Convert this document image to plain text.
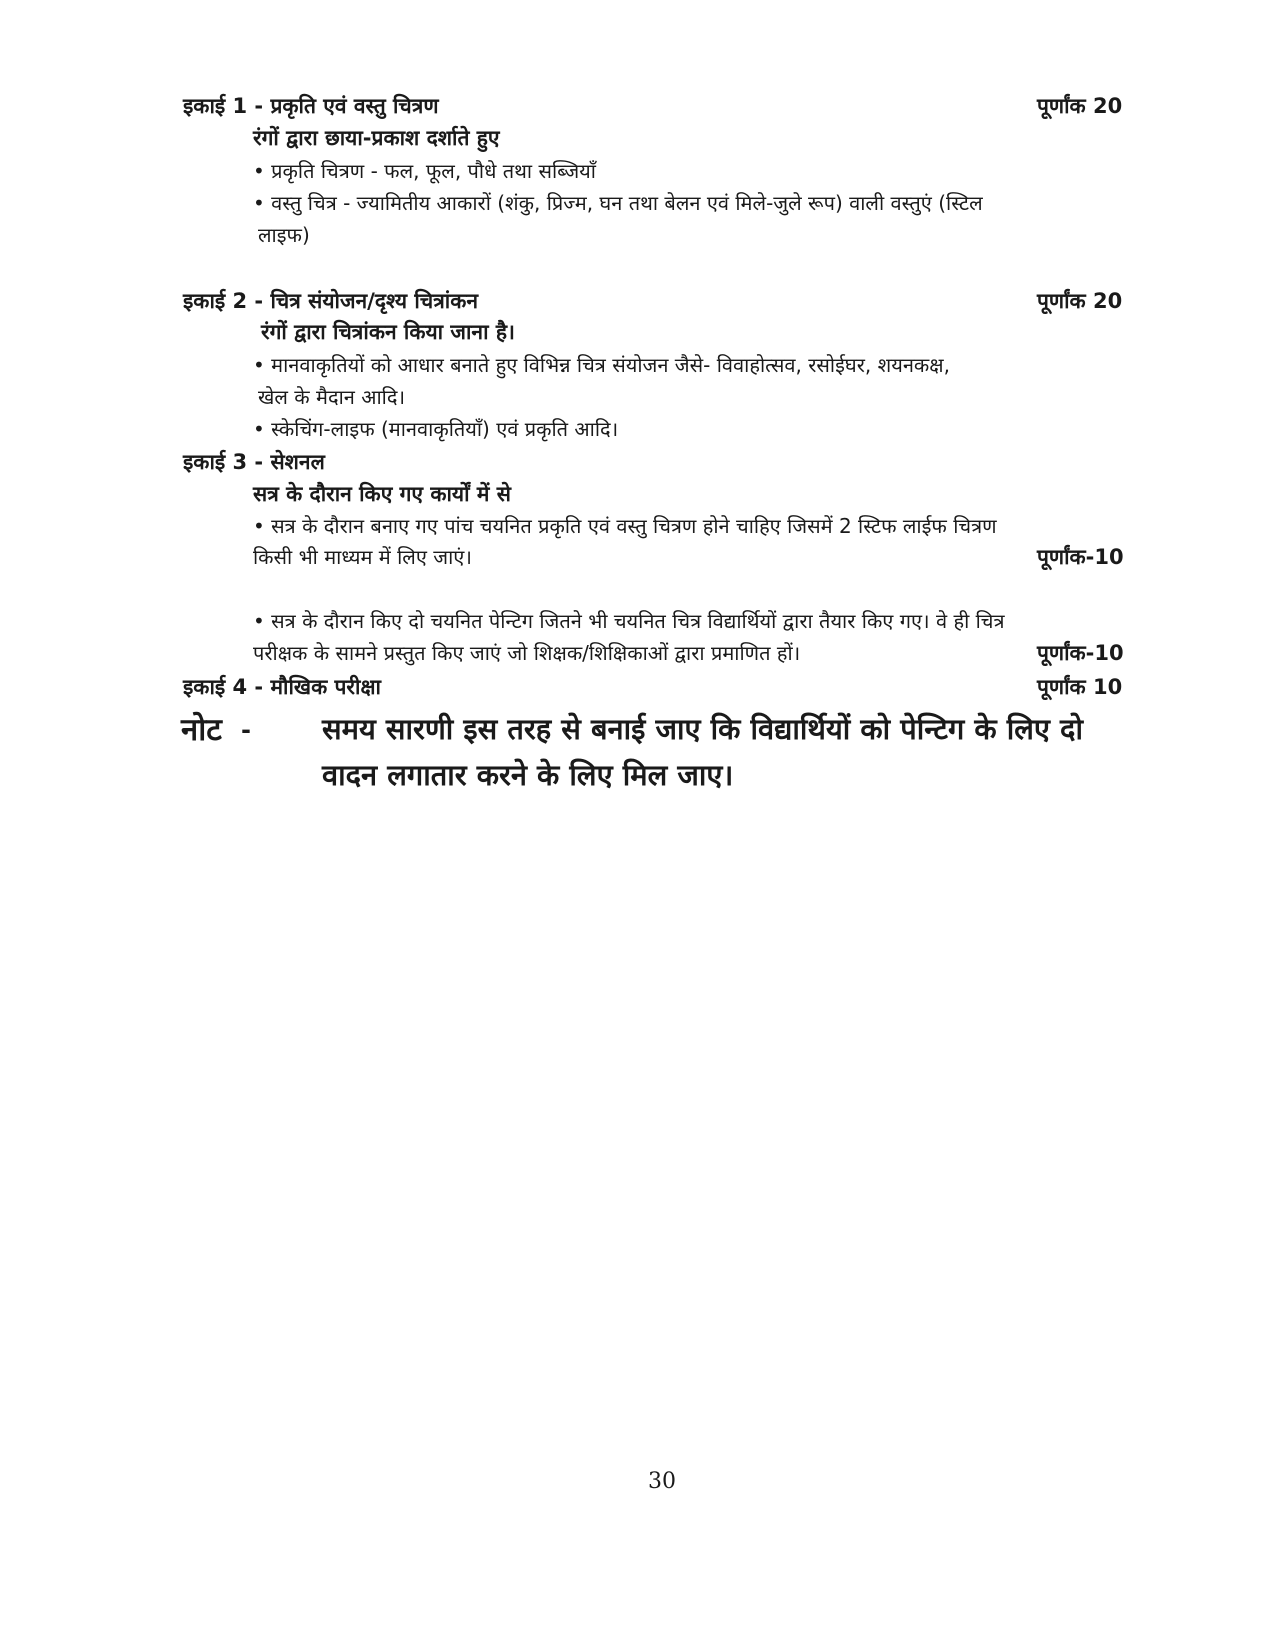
इकाई 1 - प्रकृति एवं वस्तु चित्रण	पूर्णांक 20
रंगों द्वारा छाया-प्रकाश दर्शाते हुए
• प्रकृति चित्रण - फल, फूल, पौधे तथा सब्जियाँ
• वस्तु चित्र - ज्यामितीय आकारों (शंकु, प्रिज्म, घन तथा बेलन एवं मिले-जुले रूप) वाली वस्तुएं (स्टिल
लाइफ)
इकाई 2 - चित्र संयोजन/दृश्य चित्रांकन	पूर्णांक 20
रंगों द्वारा चित्रांकन किया जाना है।
• मानवाकृतियों को आधार बनाते हुए विभिन्न चित्र संयोजन जैसे- विवाहोत्सव, रसोईघर, शयनकक्ष,
खेल के मैदान आदि।
• स्केचिंग-लाइफ (मानवाकृतियाँ) एवं प्रकृति आदि।
इकाई 3 - सेशनल
सत्र के दौरान किए गए कार्यों में से
• सत्र के दौरान बनाए गए पांच चयनित प्रकृति एवं वस्तु चित्रण होने चाहिए जिसमें 2 स्टिफ लाईफ चित्रण
किसी भी माध्यम में लिए जाएं।	पूर्णांक-10
• सत्र के दौरान किए दो चयनित पेन्टिग जितने भी चयनित चित्र विद्यार्थियों द्वारा तैयार किए गए। वे ही चित्र
परीक्षक के सामने प्रस्तुत किए जाएं जो शिक्षक/शिक्षिकाओं द्वारा प्रमाणित हों।	पूर्णांक-10
इकाई 4 - मौखिक परीक्षा	पूर्णांक 10
नोट - समय सारणी इस तरह से बनाई जाए कि विद्यार्थियों को पेन्टिग के लिए दो
वादन लगातार करने के लिए मिल जाए।
30
